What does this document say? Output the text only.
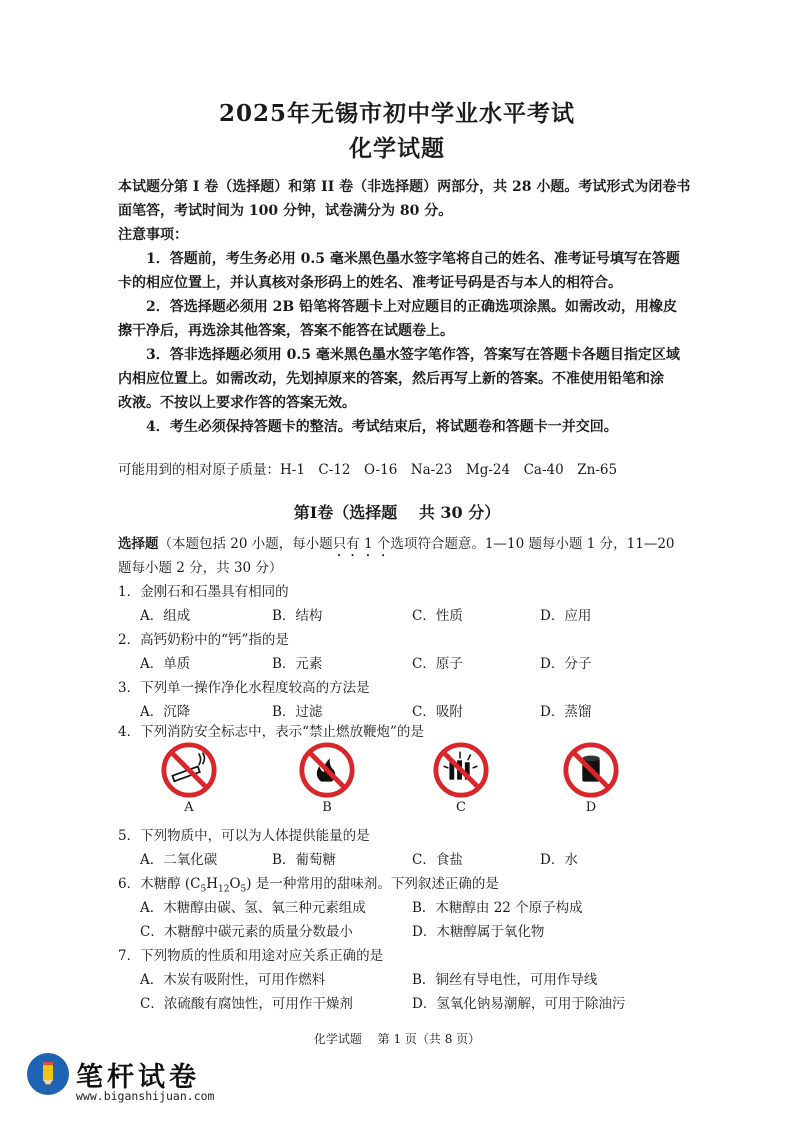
2025年无锡市初中学业水平考试
化学试题
本试题分第 I 卷（选择题）和第 II 卷（非选择题）两部分，共 28 小题。考试形式为闭卷书
面笔答，考试时间为 100 分钟，试卷满分为 80 分。
注意事项：
1．答题前，考生务必用 0.5 毫米黑色墨水签字笔将自己的姓名、准考证号填写在答题
卡的相应位置上，并认真核对条形码上的姓名、准考证号码是否与本人的相符合。
2．答选择题必须用 2B 铅笔将答题卡上对应题目的正确选项涂黑。如需改动，用橡皮
擦干净后，再选涂其他答案，答案不能答在试题卷上。
3．答非选择题必须用 0.5 毫米黑色墨水签字笔作答，答案写在答题卡各题目指定区域
内相应位置上。如需改动，先划掉原来的答案，然后再写上新的答案。不准使用铅笔和涂
改液。不按以上要求作答的答案无效。
4．考生必须保持答题卡的整洁。考试结束后，将试题卷和答题卡一并交回。
可能用到的相对原子质量：H-1　C-12　O-16　Na-23　Mg-24　Ca-40　Zn-65
第Ⅰ卷（选择题　 共 30 分）
选择题（本题包括 20 小题，每小题只有 1 个选项符合题意。1—10 题每小题 1 分，11—20
题每小题 2 分，共 30 分）
1．金刚石和石墨具有相同的
A．组成	B．结构	C．性质	D．应用
2．高钙奶粉中的“钙”指的是
A．单质	B．元素	C．原子	D．分子
3．下列单一操作净化水程度较高的方法是
A．沉降	B．过滤	C．吸附	D．蒸馏
4．下列消防安全标志中，表示“禁止燃放鞭炮”的是
A	B	C	D
5．下列物质中，可以为人体提供能量的是
A．二氧化碳	B．葡萄糖	C．食盐	D．水
6．木糖醇 $(C_5H_{12}O_5)$ 是一种常用的甜味剂。下列叙述正确的是
A．木糖醇由碳、氢、氧三种元素组成	B．木糖醇由 22 个原子构成
C．木糖醇中碳元素的质量分数最小	D．木糖醇属于氧化物
7．下列物质的性质和用途对应关系正确的是
A．木炭有吸附性，可用作燃料	B．铜丝有导电性，可用作导线
C．浓硫酸有腐蚀性，可用作干燥剂	D．氢氧化钠易潮解，可用于除油污
化学试题　 第 1 页（共 8 页）
笔杆试卷
www.biganshijuan.com
